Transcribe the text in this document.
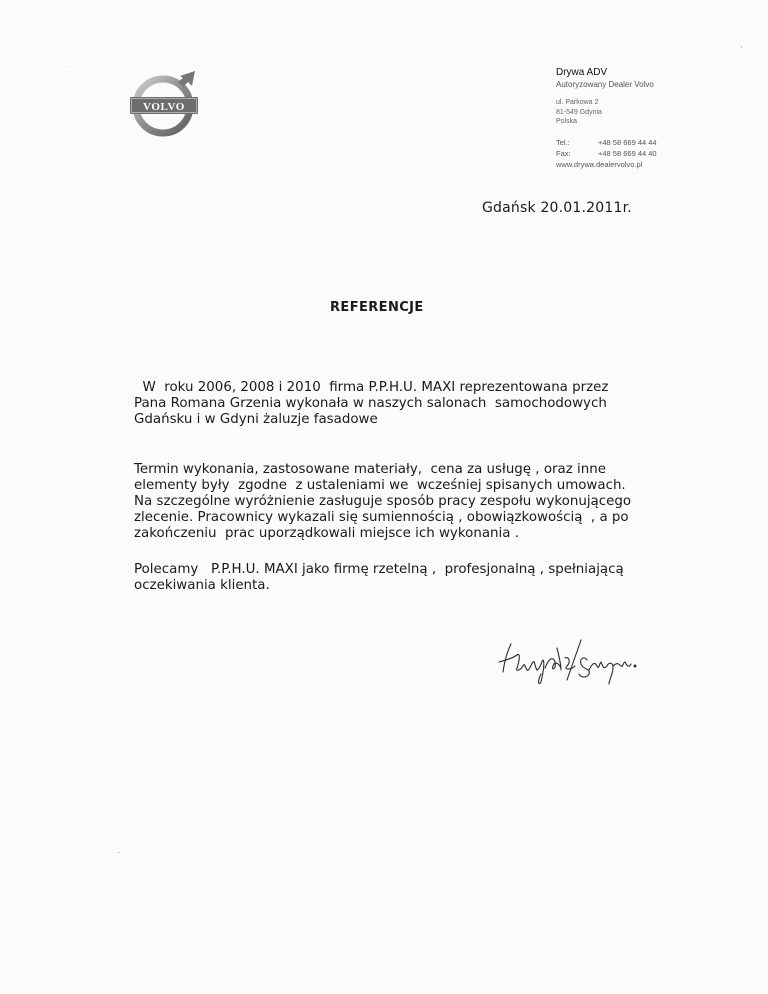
VOLVO
Drywa ADV
Autoryzowany Dealer Volvo
ul. Parkowa 2
81-549 Gdynia
Polska
Tel.:	+48 58 669 44 44
Fax:	+48 58 669 44 40
www.drywa.dealervolvo.pl
Gdańsk 20.01.2011r.
REFERENCJE
W  roku 2006, 2008 i 2010  firma P.P.H.U. MAXI reprezentowana przez
Pana Romana Grzenia wykonała w naszych salonach  samochodowych
Gdańsku i w Gdyni żaluzje fasadowe
Termin wykonania, zastosowane materiały,  cena za usługę , oraz inne
elementy były  zgodne  z ustaleniami we  wcześniej spisanych umowach.
Na szczególne wyróżnienie zasługuje sposób pracy zespołu wykonującego
zlecenie. Pracownicy wykazali się sumiennością , obowiązkowością  , a po
zakończeniu  prac uporządkowali miejsce ich wykonania .
Polecamy   P.P.H.U. MAXI jako firmę rzetelną ,  profesjonalną , spełniającą
oczekiwania klienta.
